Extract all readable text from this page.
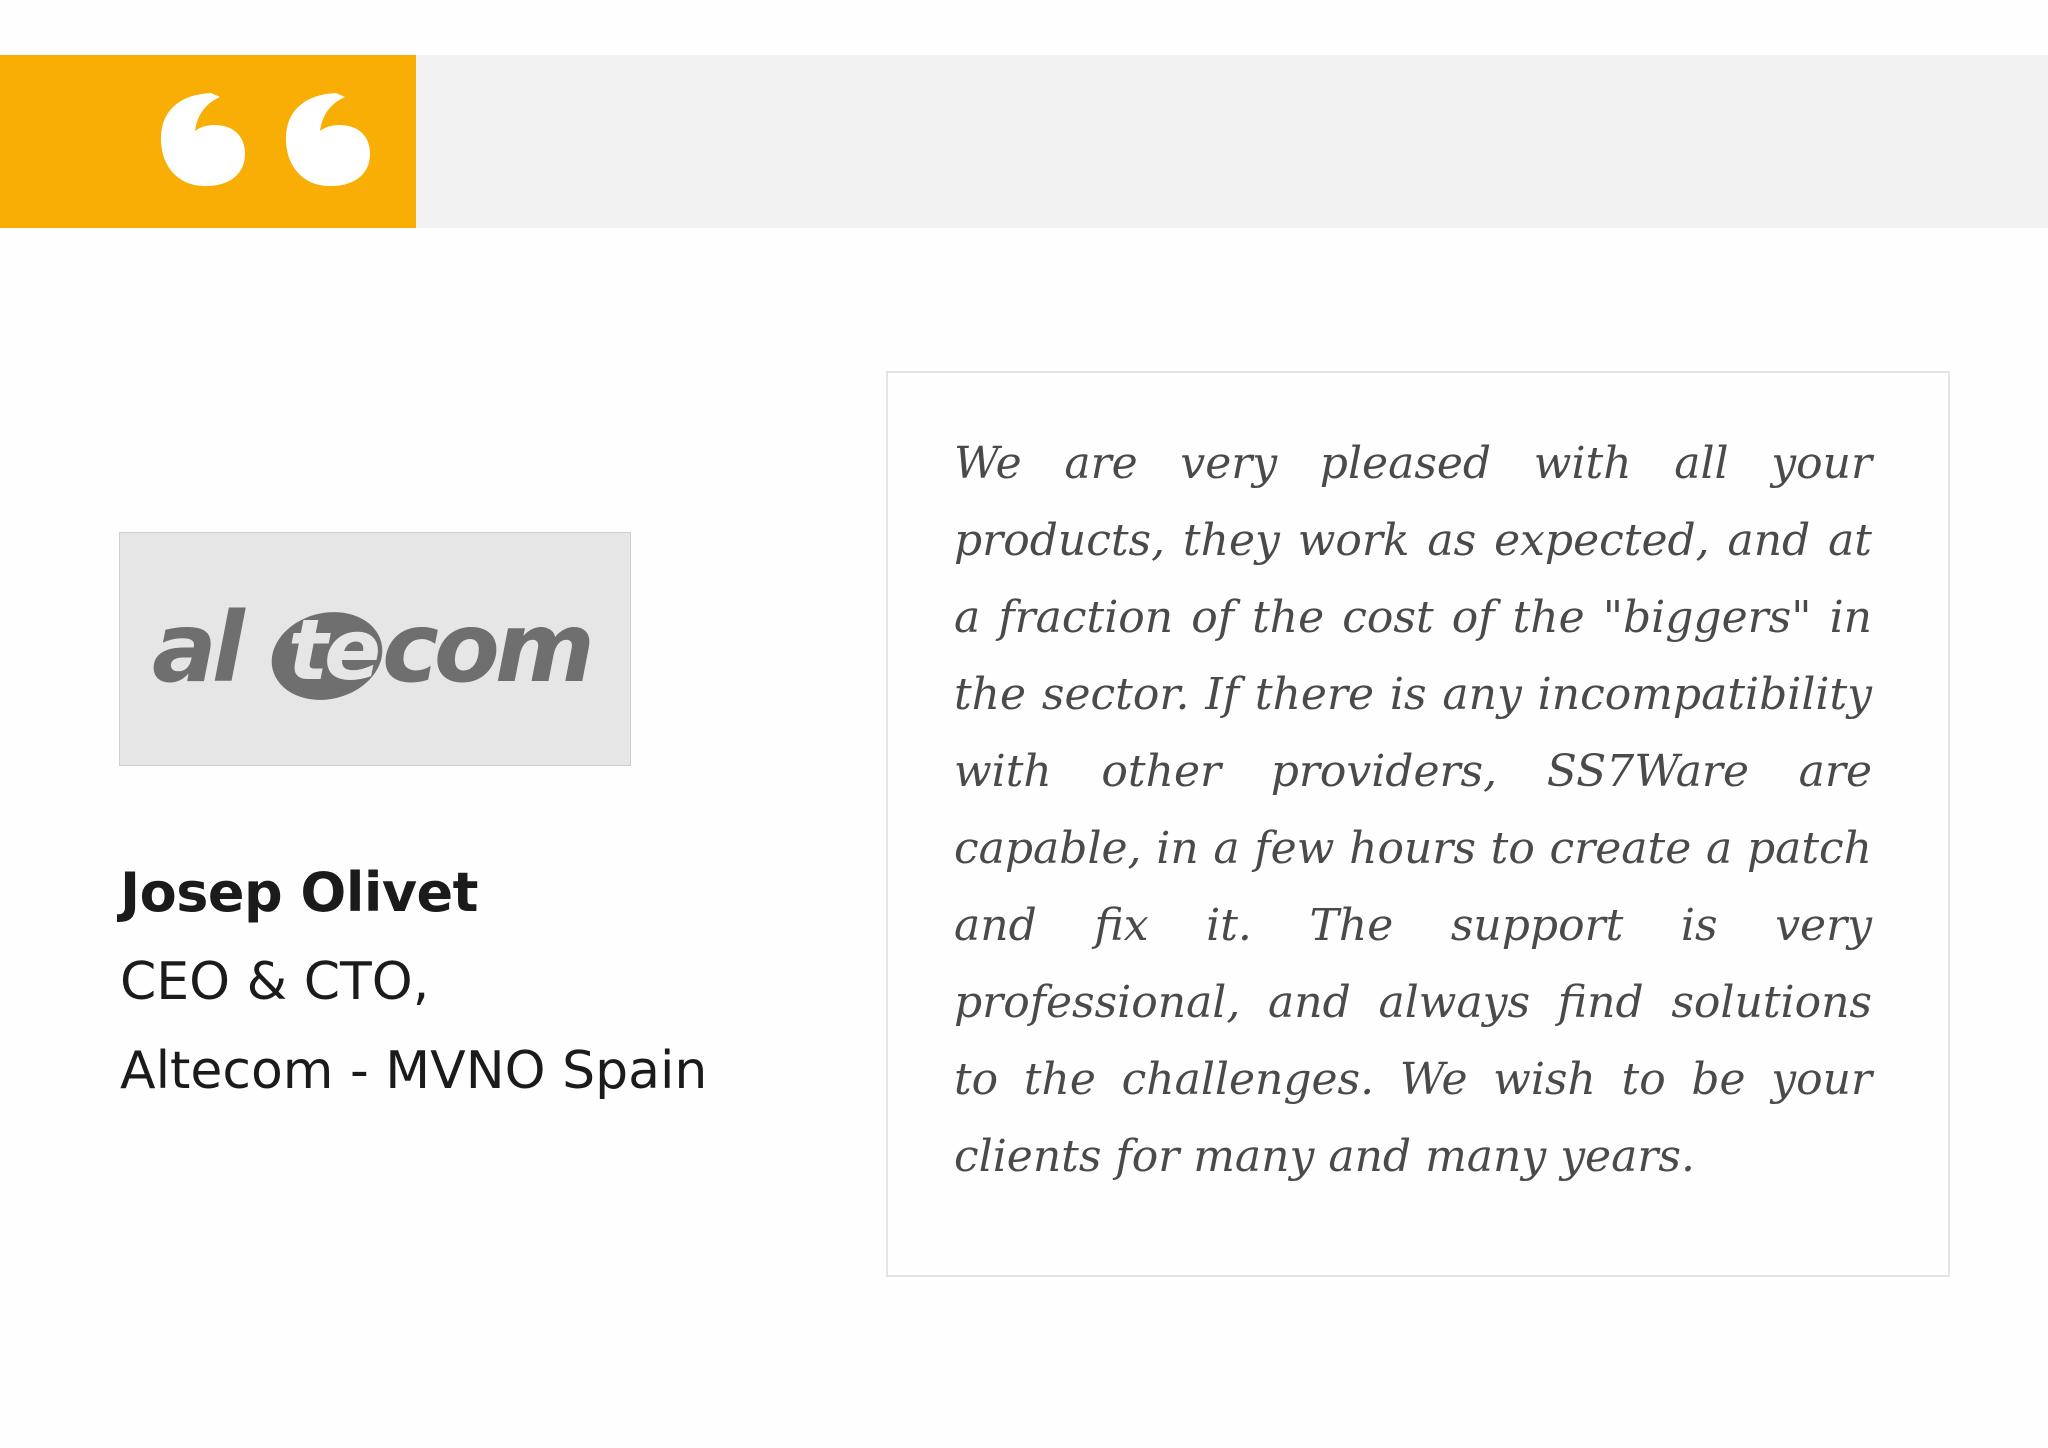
al te com
Josep Olivet
CEO & CTO,
Altecom - MVNO Spain

We are very pleased with all your products, they work as expected, and at a fraction of the cost of the "biggers" in the sector. If there is any incompatibility with other providers, SS7Ware are capable, in a few hours to create a patch and fix it. The support is very professional, and always find solutions to the challenges. We wish to be your clients for many and many years.
